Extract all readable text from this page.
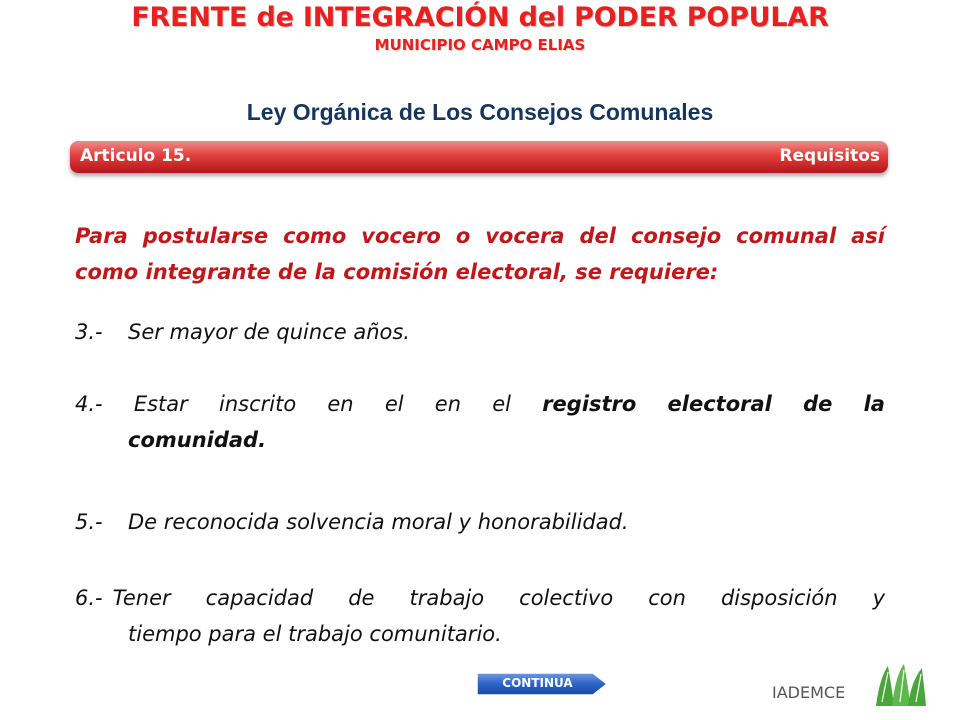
FRENTE de INTEGRACIÓN del PODER POPULAR
MUNICIPIO CAMPO ELIAS
Ley Orgánica de Los Consejos Comunales
Articulo 15.	Requisitos
Para postularse como vocero o vocera del consejo comunal así como integrante de la comisión electoral, se requiere:
3.- Ser mayor de quince años.
4.- Estar inscrito en el en el registro electoral de la
comunidad.
5.- De reconocida solvencia moral y honorabilidad.
6.- Tener capacidad de trabajo colectivo con disposición y
tiempo para el trabajo comunitario.
CONTINUA	IADEMCE
